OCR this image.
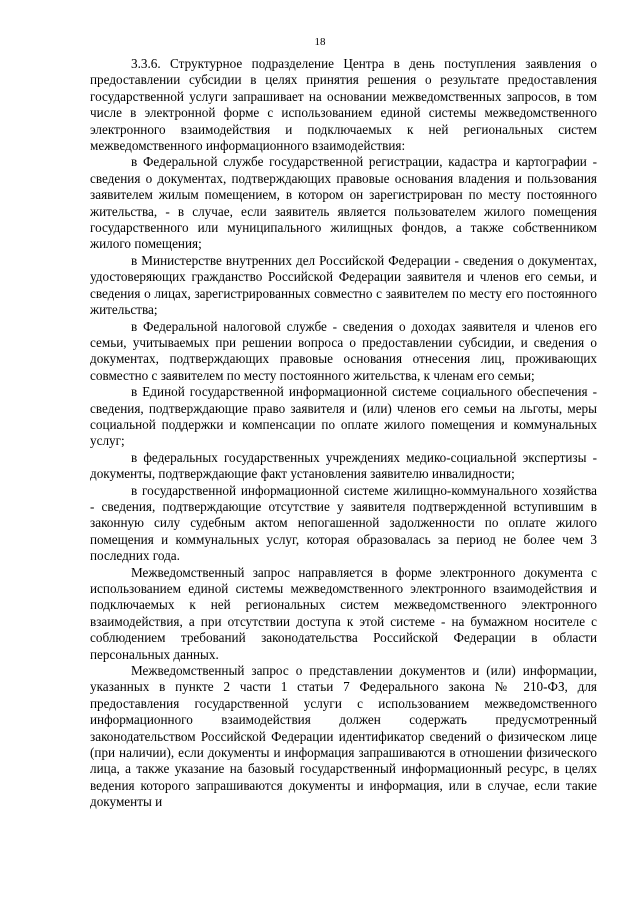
18

3.3.6. Структурное подразделение Центра в день поступления заявления о предоставлении субсидии в целях принятия решения о результате предоставления государственной услуги запрашивает на основании межведомственных запросов, в том числе в электронной форме с использованием единой системы межведомственного электронного взаимодействия и подключаемых к ней региональных систем межведомственного информационного взаимодействия:

в Федеральной службе государственной регистрации, кадастра и картографии - сведения о документах, подтверждающих правовые основания владения и пользования заявителем жилым помещением, в котором он зарегистрирован по месту постоянного жительства, - в случае, если заявитель является пользователем жилого помещения государственного или муниципального жилищных фондов, а также собственником жилого помещения;

в Министерстве внутренних дел Российской Федерации - сведения о документах, удостоверяющих гражданство Российской Федерации заявителя и членов его семьи, и сведения о лицах, зарегистрированных совместно с заявителем по месту его постоянного жительства;

в Федеральной налоговой службе - сведения о доходах заявителя и членов его семьи, учитываемых при решении вопроса о предоставлении субсидии, и сведения о документах, подтверждающих правовые основания отнесения лиц, проживающих совместно с заявителем по месту постоянного жительства, к членам его семьи;

в Единой государственной информационной системе социального обеспечения - сведения, подтверждающие право заявителя и (или) членов его семьи на льготы, меры социальной поддержки и компенсации по оплате жилого помещения и коммунальных услуг;

в федеральных государственных учреждениях медико-социальной экспертизы - документы, подтверждающие факт установления заявителю инвалидности;

в государственной информационной системе жилищно-коммунального хозяйства - сведения, подтверждающие отсутствие у заявителя подтвержденной вступившим в законную силу судебным актом непогашенной задолженности по оплате жилого помещения и коммунальных услуг, которая образовалась за период не более чем 3 последних года.

Межведомственный запрос направляется в форме электронного документа с использованием единой системы межведомственного электронного взаимодействия и подключаемых к ней региональных систем межведомственного электронного взаимодействия, а при отсутствии доступа к этой системе - на бумажном носителе с соблюдением требований законодательства Российской Федерации в области персональных данных.

Межведомственный запрос о представлении документов и (или) информации, указанных в пункте 2 части 1 статьи 7 Федерального закона № 210-ФЗ, для предоставления государственной услуги с использованием межведомственного информационного взаимодействия должен содержать предусмотренный законодательством Российской Федерации идентификатор сведений о физическом лице (при наличии), если документы и информация запрашиваются в отношении физического лица, а также указание на базовый государственный информационный ресурс, в целях ведения которого запрашиваются документы и информация, или в случае, если такие документы и
